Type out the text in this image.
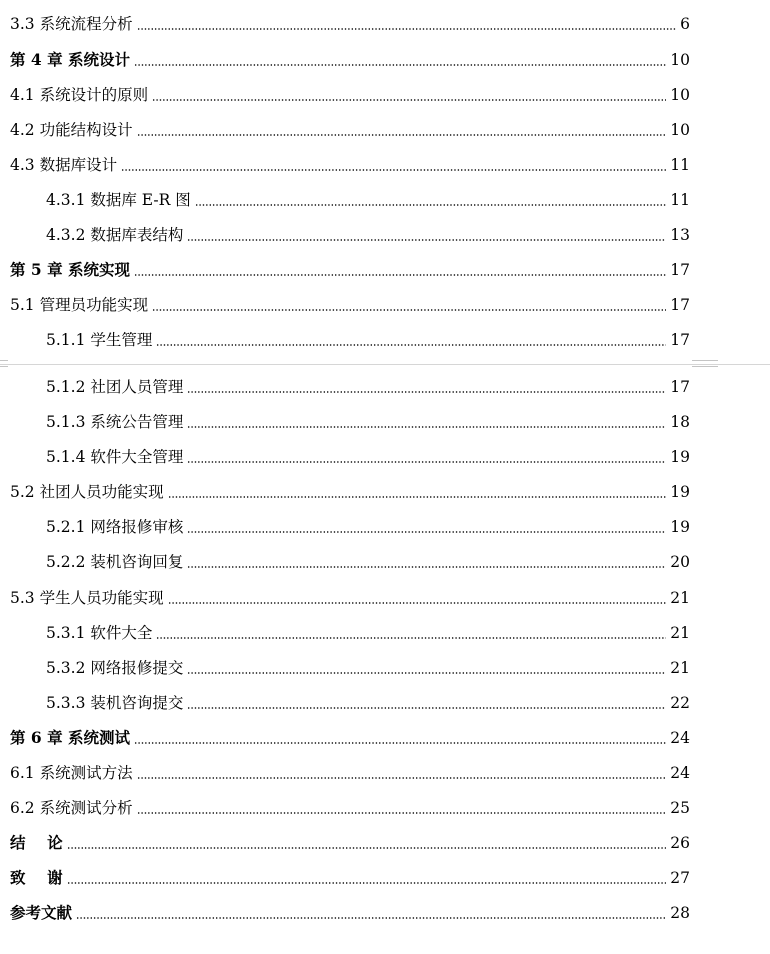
3.3 系统流程分析	6
第 4 章 系统设计	10
4.1 系统设计的原则	10
4.2 功能结构设计	10
4.3 数据库设计	11
4.3.1 数据库 E-R 图	11
4.3.2 数据库表结构	13
第 5 章 系统实现	17
5.1 管理员功能实现	17
5.1.1 学生管理	17
5.1.2 社团人员管理	17
5.1.3 系统公告管理	18
5.1.4 软件大全管理	19
5.2 社团人员功能实现	19
5.2.1 网络报修审核	19
5.2.2 装机咨询回复	20
5.3 学生人员功能实现	21
5.3.1 软件大全	21
5.3.2 网络报修提交	21
5.3.3 装机咨询提交	22
第 6 章 系统测试	24
6.1 系统测试方法	24
6.2 系统测试分析	25
结    论	26
致    谢	27
参考文献	28
